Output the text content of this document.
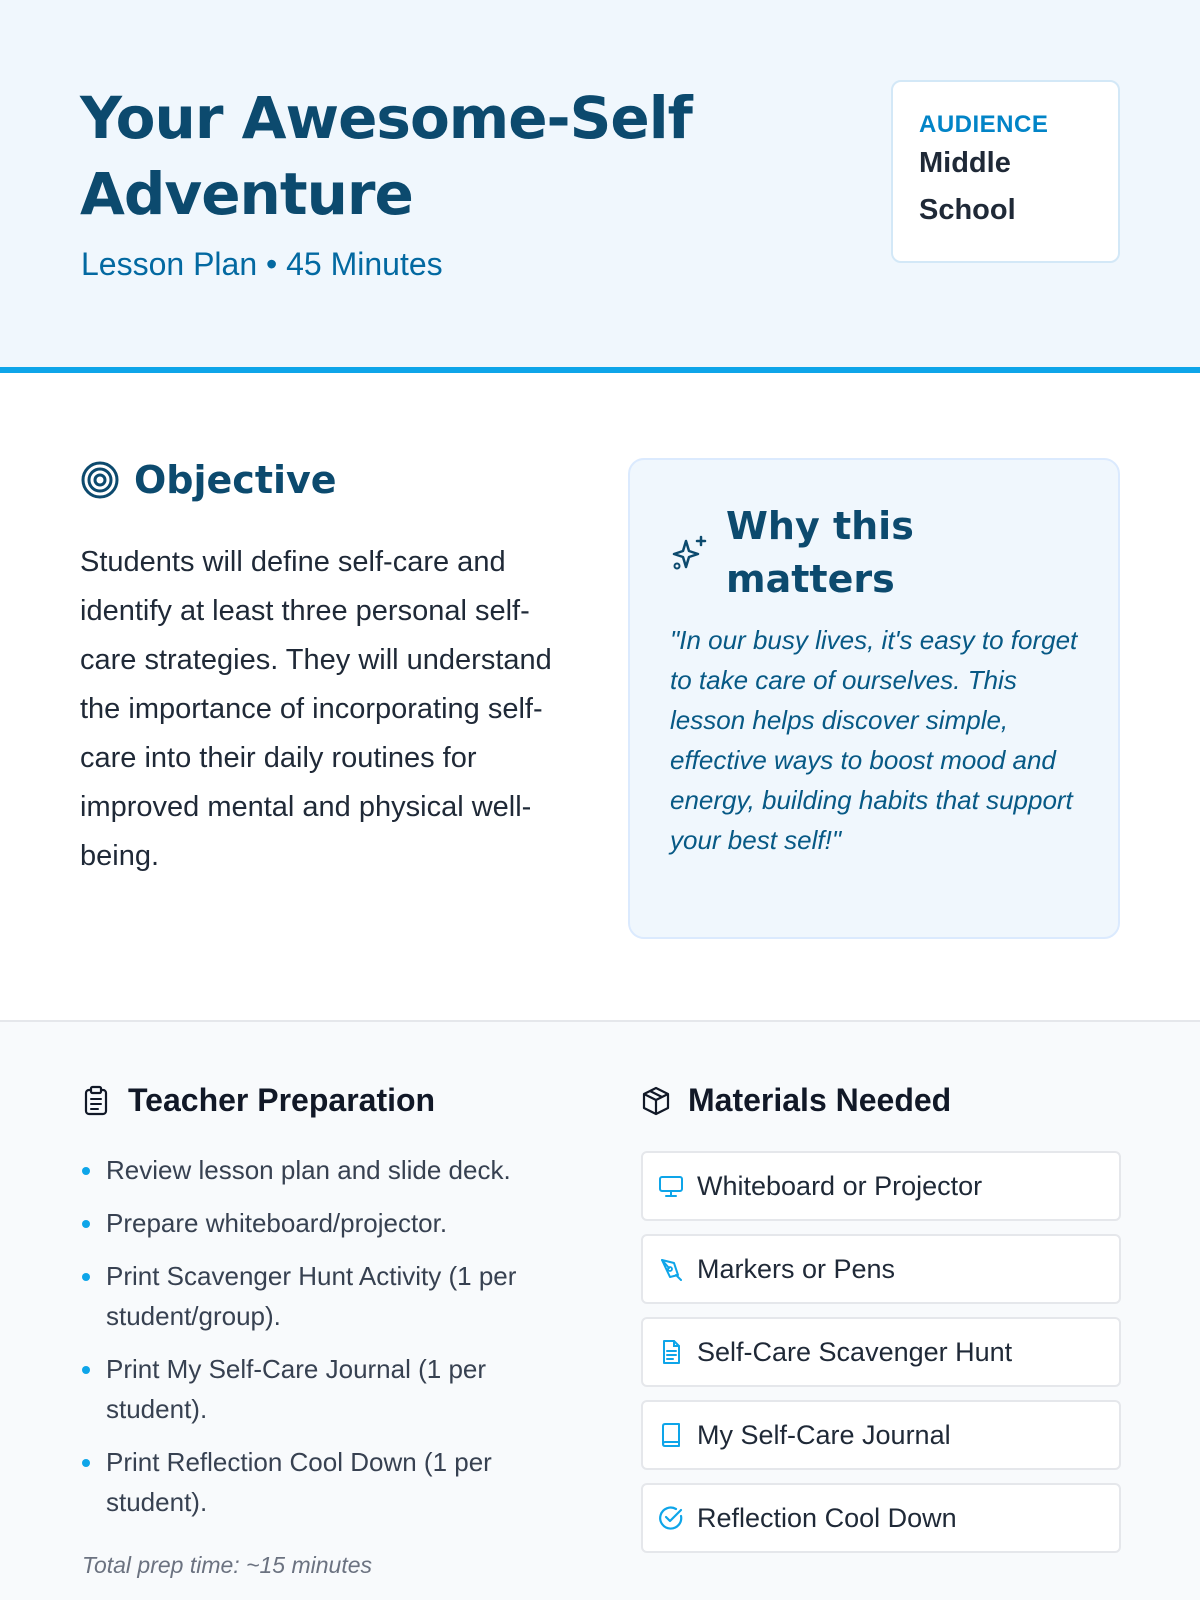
Your Awesome-Self Adventure
Lesson Plan • 45 Minutes
AUDIENCE
Middle School
Objective

Students will define self-care and identify at least three personal self-care strategies. They will understand the importance of incorporating self-care into their daily routines for improved mental and physical well-being.

Why this matters

"In our busy lives, it's easy to forget to take care of ourselves. This lesson helps discover simple, effective ways to boost mood and energy, building habits that support your best self!"

Teacher Preparation
Review lesson plan and slide deck.
Prepare whiteboard/projector.
Print Scavenger Hunt Activity (1 per student/group).
Print My Self-Care Journal (1 per student).
Print Reflection Cool Down (1 per student).
Total prep time: ~15 minutes
Materials Needed
Whiteboard or Projector
Markers or Pens
Self-Care Scavenger Hunt
My Self-Care Journal
Reflection Cool Down
